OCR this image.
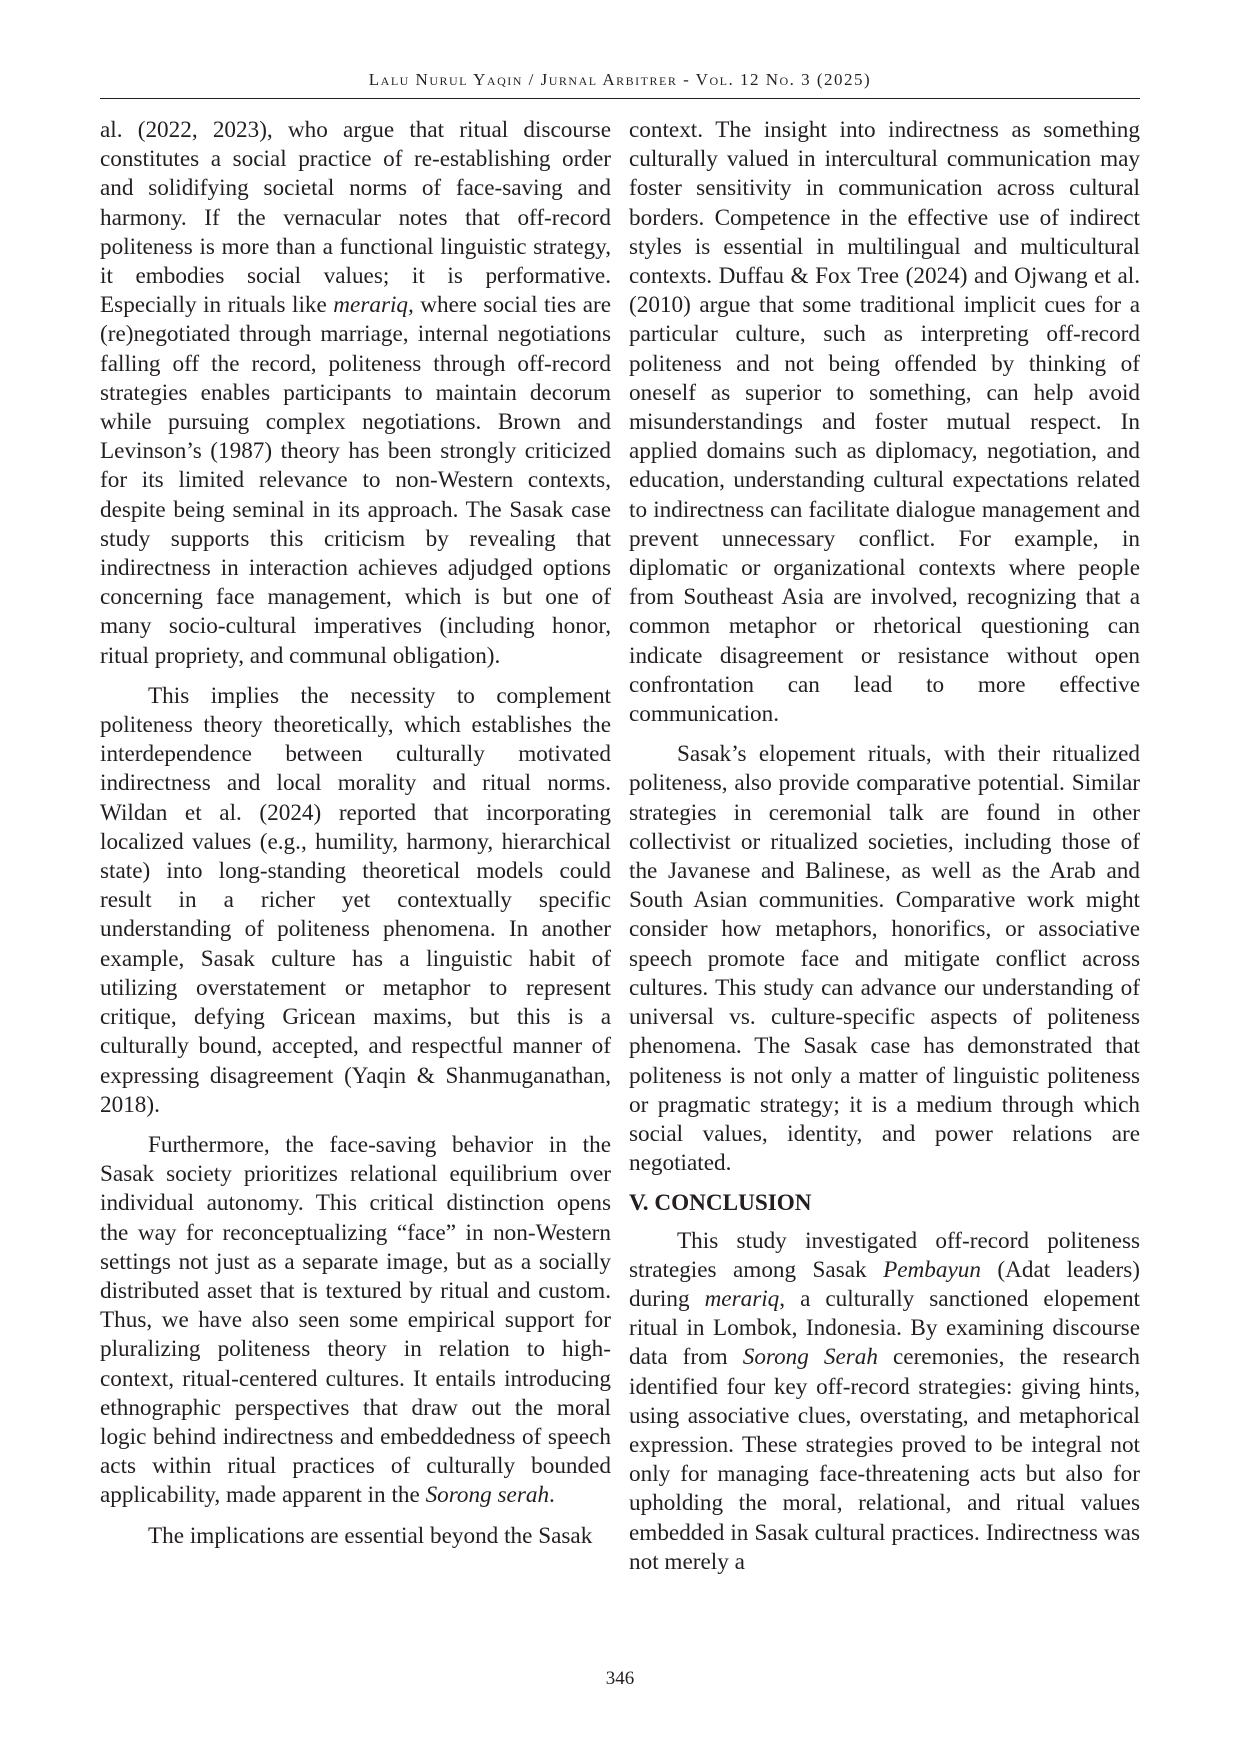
Lalu Nurul Yaqin / Jurnal Arbitrer - Vol. 12 No. 3 (2025)

al. (2022, 2023), who argue that ritual discourse constitutes a social practice of re-establishing order and solidifying societal norms of face-saving and harmony. If the vernacular notes that off-record politeness is more than a functional linguistic strategy, it embodies social values; it is performative. Especially in rituals like merariq, where social ties are (re)negotiated through marriage, internal negotiations falling off the record, politeness through off-record strategies enables participants to maintain decorum while pursuing complex negotiations. Brown and Levinson’s (1987) theory has been strongly criticized for its limited relevance to non-Western contexts, despite being seminal in its approach. The Sasak case study supports this criticism by revealing that indirectness in interaction achieves adjudged options concerning face management, which is but one of many socio-cultural imperatives (including honor, ritual propriety, and communal obligation).

This implies the necessity to complement politeness theory theoretically, which establishes the interdependence between culturally motivated indirectness and local morality and ritual norms. Wildan et al. (2024) reported that incorporating localized values (e.g., humility, harmony, hierarchical state) into long-standing theoretical models could result in a richer yet contextually specific understanding of politeness phenomena. In another example, Sasak culture has a linguistic habit of utilizing overstatement or metaphor to represent critique, defying Gricean maxims, but this is a culturally bound, accepted, and respectful manner of expressing disagreement (Yaqin & Shanmuganathan, 2018).

Furthermore, the face-saving behavior in the Sasak society prioritizes relational equilibrium over individual autonomy. This critical distinction opens the way for reconceptualizing “face” in non-Western settings not just as a separate image, but as a socially distributed asset that is textured by ritual and custom. Thus, we have also seen some empirical support for pluralizing politeness theory in relation to high-context, ritual-centered cultures. It entails introducing ethnographic perspectives that draw out the moral logic behind indirectness and embeddedness of speech acts within ritual practices of culturally bounded applicability, made apparent in the Sorong serah.

The implications are essential beyond the Sasak

context. The insight into indirectness as something culturally valued in intercultural communication may foster sensitivity in communication across cultural borders. Competence in the effective use of indirect styles is essential in multilingual and multicultural contexts. Duffau & Fox Tree (2024) and Ojwang et al. (2010) argue that some traditional implicit cues for a particular culture, such as interpreting off-record politeness and not being offended by thinking of oneself as superior to something, can help avoid misunderstandings and foster mutual respect. In applied domains such as diplomacy, negotiation, and education, understanding cultural expectations related to indirectness can facilitate dialogue management and prevent unnecessary conflict. For example, in diplomatic or organizational contexts where people from Southeast Asia are involved, recognizing that a common metaphor or rhetorical questioning can indicate disagreement or resistance without open confrontation can lead to more effective communication.

Sasak’s elopement rituals, with their ritualized politeness, also provide comparative potential. Similar strategies in ceremonial talk are found in other collectivist or ritualized societies, including those of the Javanese and Balinese, as well as the Arab and South Asian communities. Comparative work might consider how metaphors, honorifics, or associative speech promote face and mitigate conflict across cultures. This study can advance our understanding of universal vs. culture-specific aspects of politeness phenomena. The Sasak case has demonstrated that politeness is not only a matter of linguistic politeness or pragmatic strategy; it is a medium through which social values, identity, and power relations are negotiated.

V. CONCLUSION

This study investigated off-record politeness strategies among Sasak Pembayun (Adat leaders) during merariq, a culturally sanctioned elopement ritual in Lombok, Indonesia. By examining discourse data from Sorong Serah ceremonies, the research identified four key off-record strategies: giving hints, using associative clues, overstating, and metaphorical expression. These strategies proved to be integral not only for managing face-threatening acts but also for upholding the moral, relational, and ritual values embedded in Sasak cultural practices. Indirectness was not merely a

346
